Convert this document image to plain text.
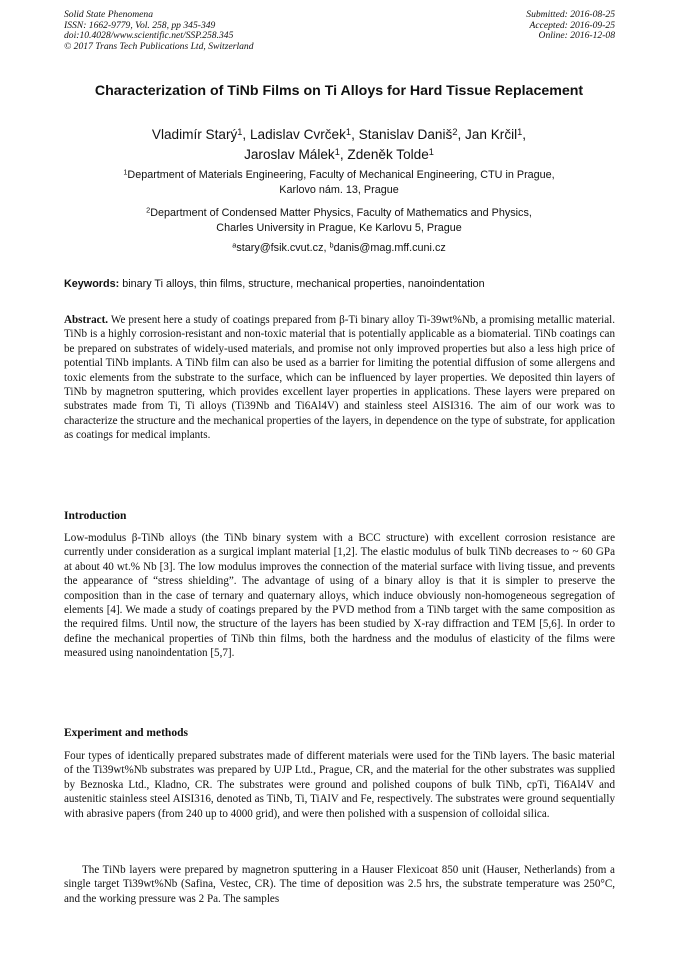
Solid State Phenomena
ISSN: 1662-9779, Vol. 258, pp 345-349
doi:10.4028/www.scientific.net/SSP.258.345
© 2017 Trans Tech Publications Ltd, Switzerland
Submitted: 2016-08-25
Accepted: 2016-09-25
Online: 2016-12-08
Characterization of TiNb Films on Ti Alloys for Hard Tissue Replacement
Vladimír Starý$^1$, Ladislav Cvrček$^1$, Stanislav Daniš$^2$, Jan Krčil$^1$,
Jaroslav Málek$^1$, Zdeněk Tolde$^1$
$^1$Department of Materials Engineering, Faculty of Mechanical Engineering, CTU in Prague,
Karlovo nám. 13, Prague
$^2$Department of Condensed Matter Physics, Faculty of Mathematics and Physics,
Charles University in Prague, Ke Karlovu 5, Prague
$^a$stary@fsik.cvut.cz, $^b$danis@mag.mff.cuni.cz
Keywords: binary Ti alloys, thin films, structure, mechanical properties, nanoindentation
Abstract. We present here a study of coatings prepared from β-Ti binary alloy Ti-39wt%Nb, a promising metallic material. TiNb is a highly corrosion-resistant and non-toxic material that is potentially applicable as a biomaterial. TiNb coatings can be prepared on substrates of widely-used materials, and promise not only improved properties but also a less high price of potential TiNb implants. A TiNb film can also be used as a barrier for limiting the potential diffusion of some allergens and toxic elements from the substrate to the surface, which can be influenced by layer properties. We deposited thin layers of TiNb by magnetron sputtering, which provides excellent layer properties in applications. These layers were prepared on substrates made from Ti, Ti alloys (Ti39Nb and Ti6Al4V) and stainless steel AISI316. The aim of our work was to characterize the structure and the mechanical properties of the layers, in dependence on the type of substrate, for application as coatings for medical implants.
Introduction
Low-modulus β-TiNb alloys (the TiNb binary system with a BCC structure) with excellent corrosion resistance are currently under consideration as a surgical implant material [1,2]. The elastic modulus of bulk TiNb decreases to ~ 60 GPa at about 40 wt.% Nb [3]. The low modulus improves the connection of the material surface with living tissue, and prevents the appearance of “stress shielding”. The advantage of using of a binary alloy is that it is simpler to preserve the composition than in the case of ternary and quaternary alloys, which induce obviously non-homogeneous segregation of elements [4]. We made a study of coatings prepared by the PVD method from a TiNb target with the same composition as the required films. Until now, the structure of the layers has been studied by X-ray diffraction and TEM [5,6]. In order to define the mechanical properties of TiNb thin films, both the hardness and the modulus of elasticity of the films were measured using nanoindentation [5,7].
Experiment and methods
Four types of identically prepared substrates made of different materials were used for the TiNb layers. The basic material of the Ti39wt%Nb substrates was prepared by UJP Ltd., Prague, CR, and the material for the other substrates was supplied by Beznoska Ltd., Kladno, CR. The substrates were ground and polished coupons of bulk TiNb, cpTi, Ti6Al4V and austenitic stainless steel AISI316, denoted as TiNb, Ti, TiAlV and Fe, respectively. The substrates were ground sequentially with abrasive papers (from 240 up to 4000 grid), and were then polished with a suspension of colloidal silica.
The TiNb layers were prepared by magnetron sputtering in a Hauser Flexicoat 850 unit (Hauser, Netherlands) from a single target Ti39wt%Nb (Safina, Vestec, CR). The time of deposition was 2.5 hrs, the substrate temperature was 250°C, and the working pressure was 2 Pa. The samples
